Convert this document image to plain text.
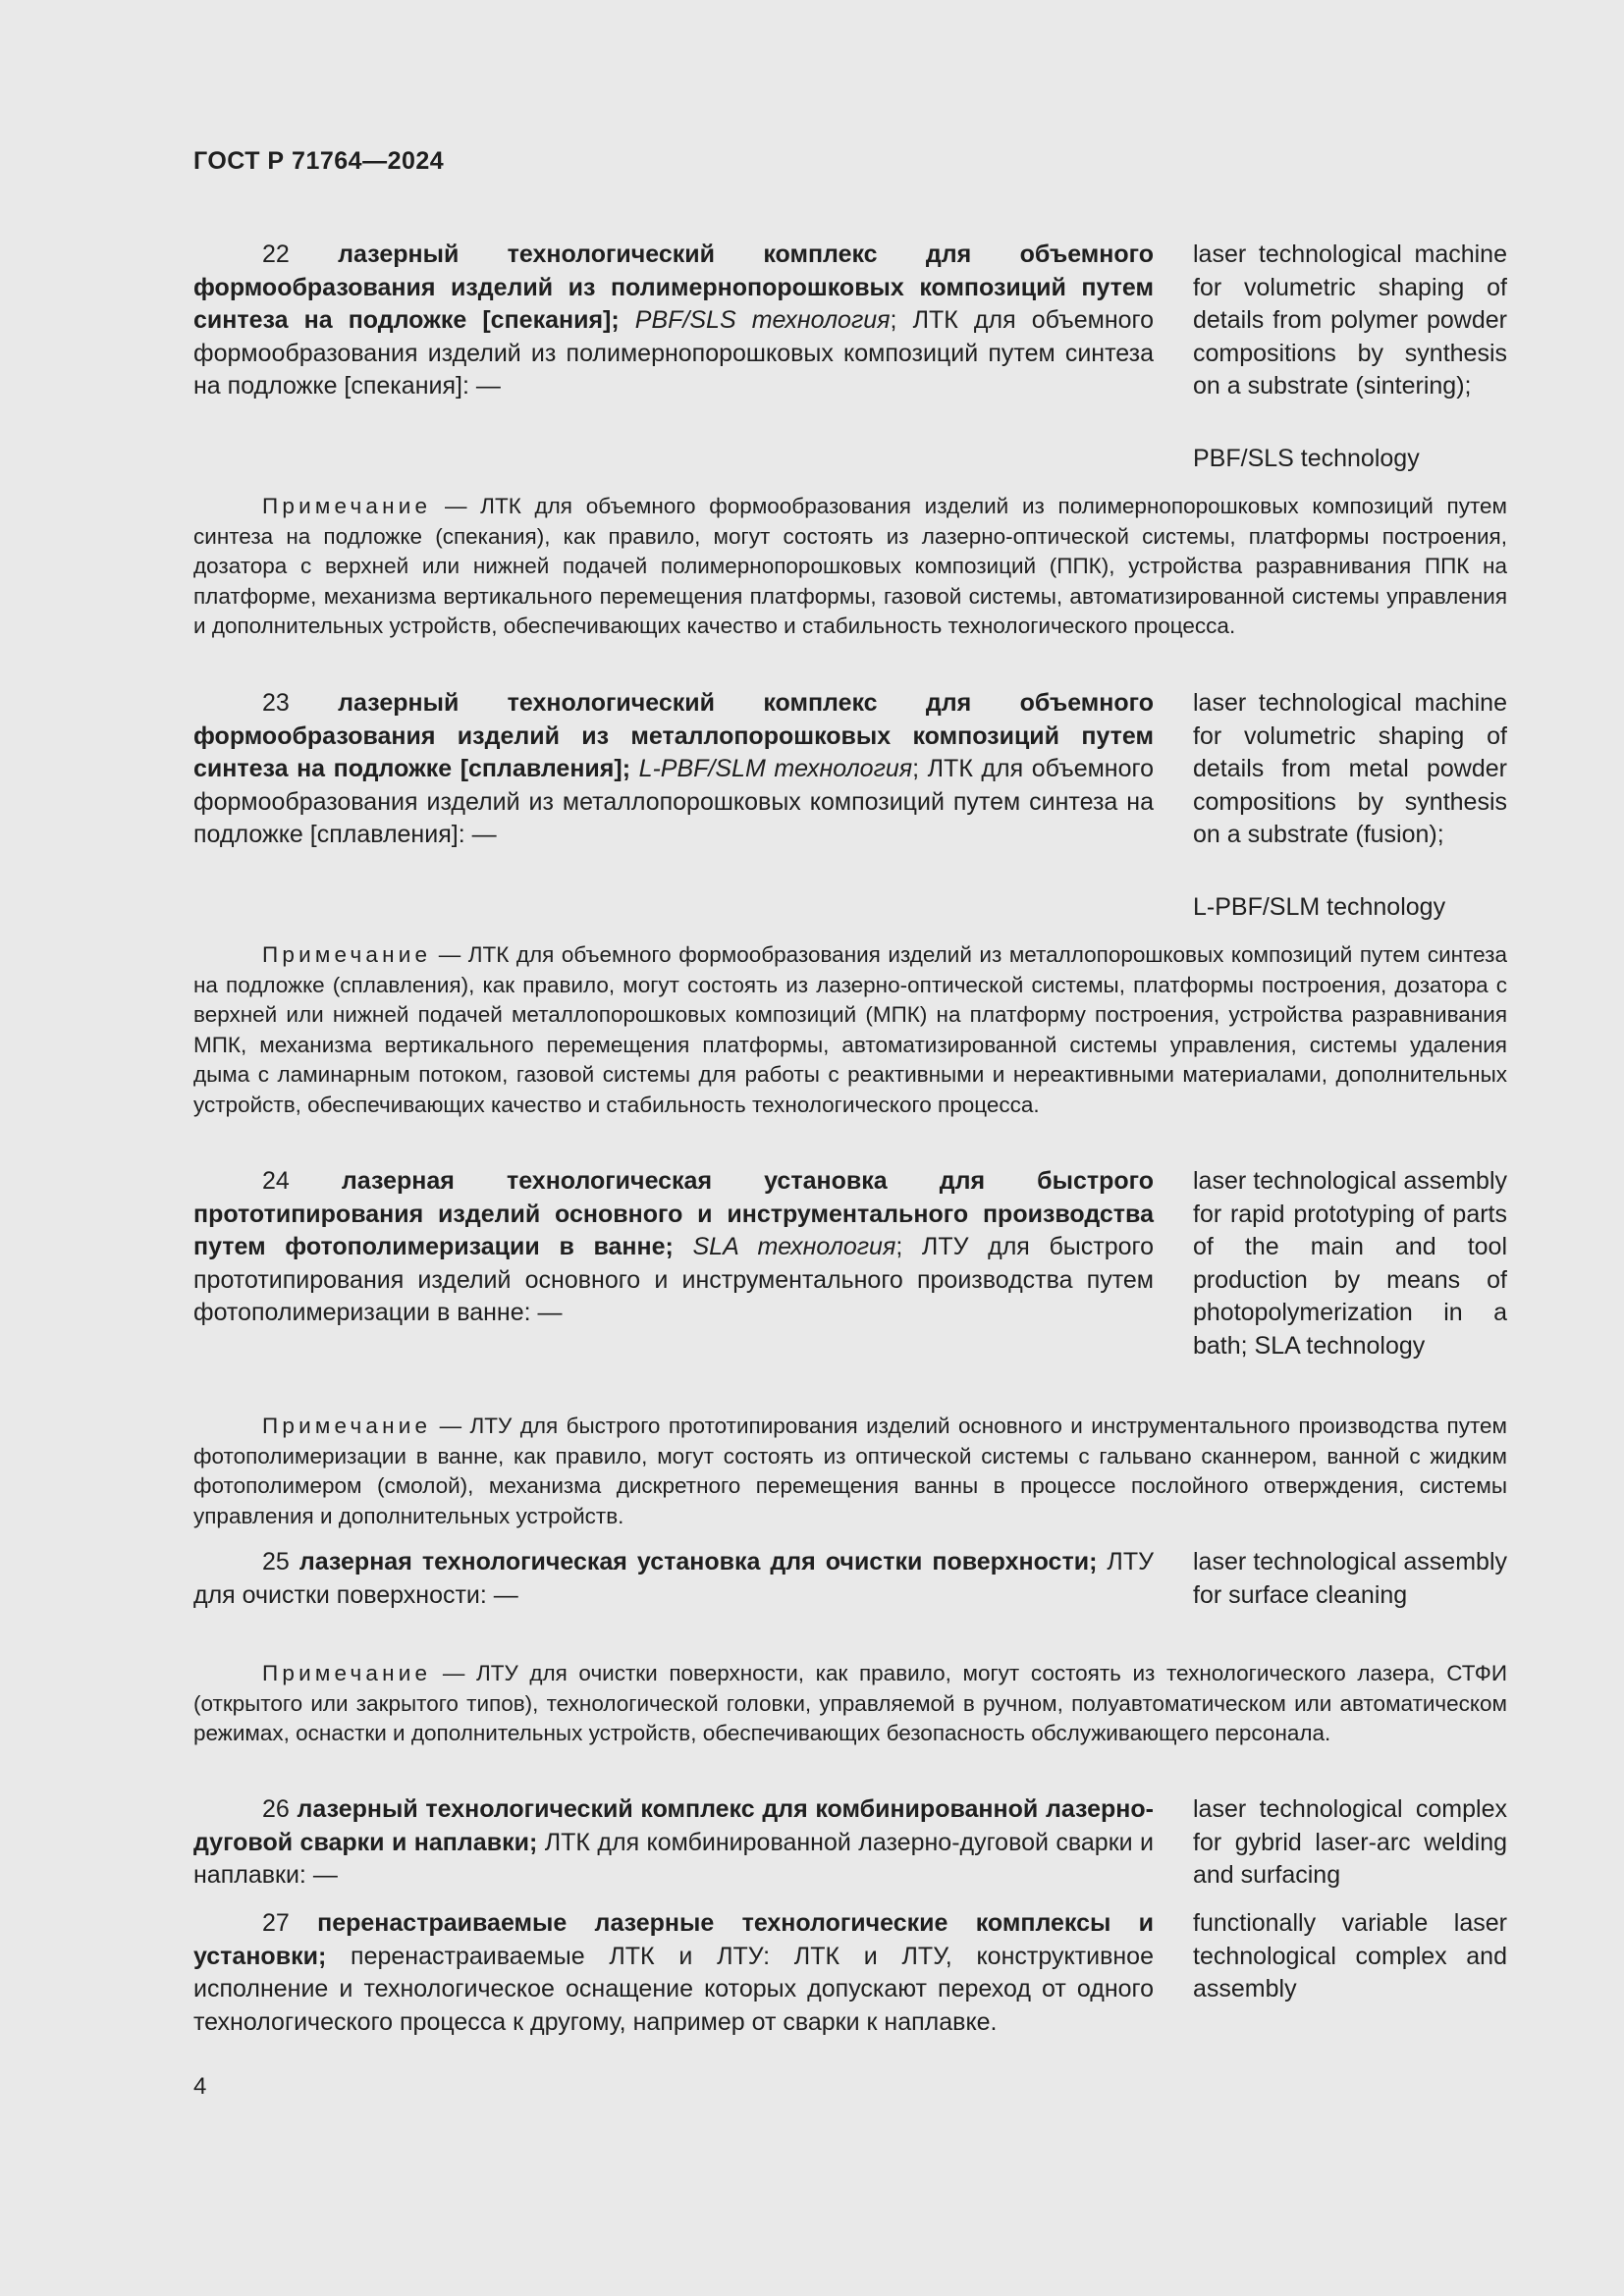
ГОСТ Р 71764—2024

22 лазерный технологический комплекс для объемного формообразования изделий из полимернопорошковых композиций путем синтеза на подложке [спекания]; PBF/SLS технология; ЛТК для объемного формообразования изделий из полимернопорошковых композиций путем синтеза на подложке [спекания]: —

laser technological machine for volumetric shaping of details from polymer powder compositions by synthesis on a substrate (sintering);

PBF/SLS technology

Примечание — ЛТК для объемного формообразования изделий из полимернопорошковых композиций путем синтеза на подложке (спекания), как правило, могут состоять из лазерно-оптической системы, платформы построения, дозатора с верхней или нижней подачей полимернопорошковых композиций (ППК), устройства разравнивания ППК на платформе, механизма вертикального перемещения платформы, газовой системы, автоматизированной системы управления и дополнительных устройств, обеспечивающих качество и стабильность технологического процесса.

23 лазерный технологический комплекс для объемного формообразования изделий из металлопорошковых композиций путем синтеза на подложке [сплавления]; L-PBF/SLM технология; ЛТК для объемного формообразования изделий из металлопорошковых композиций путем синтеза на подложке [сплавления]: —

laser technological machine for volumetric shaping of details from metal powder compositions by synthesis on a substrate (fusion);

L-PBF/SLM technology

Примечание — ЛТК для объемного формообразования изделий из металлопорошковых композиций путем синтеза на подложке (сплавления), как правило, могут состоять из лазерно-оптической системы, платформы построения, дозатора с верхней или нижней подачей металлопорошковых композиций (МПК) на платформу построения, устройства разравнивания МПК, механизма вертикального перемещения платформы, автоматизированной системы управления, системы удаления дыма с ламинарным потоком, газовой системы для работы с реактивными и нереактивными материалами, дополнительных устройств, обеспечивающих качество и стабильность технологического процесса.

24 лазерная технологическая установка для быстрого прототипирования изделий основного и инструментального производства путем фотополимеризации в ванне; SLA технология; ЛТУ для быстрого прототипирования изделий основного и инструментального производства путем фотополимеризации в ванне: —

laser technological assembly for rapid prototyping of parts of the main and tool production by means of photopolymerization in a bath; SLA technology

Примечание — ЛТУ для быстрого прототипирования изделий основного и инструментального производства путем фотополимеризации в ванне, как правило, могут состоять из оптической системы с гальвано сканнером, ванной с жидким фотополимером (смолой), механизма дискретного перемещения ванны в процессе послойного отверждения, системы управления и дополнительных устройств.

25 лазерная технологическая установка для очистки поверхности; ЛТУ для очистки поверхности: —

laser technological assembly for surface cleaning

Примечание — ЛТУ для очистки поверхности, как правило, могут состоять из технологического лазера, СТФИ (открытого или закрытого типов), технологической головки, управляемой в ручном, полуавтоматическом или автоматическом режимах, оснастки и дополнительных устройств, обеспечивающих безопасность обслуживающего персонала.

26 лазерный технологический комплекс для комбинированной лазерно-дуговой сварки и наплавки; ЛТК для комбинированной лазерно-дуговой сварки и наплавки: —

laser technological complex for gybrid laser-arc welding and surfacing

27 перенастраиваемые лазерные технологические комплексы и установки; перенастраиваемые ЛТК и ЛТУ: ЛТК и ЛТУ, конструктивное исполнение и технологическое оснащение которых допускают переход от одного технологического процесса к другому, например от сварки к наплавке.

functionally variable laser technological complex and assembly

4
